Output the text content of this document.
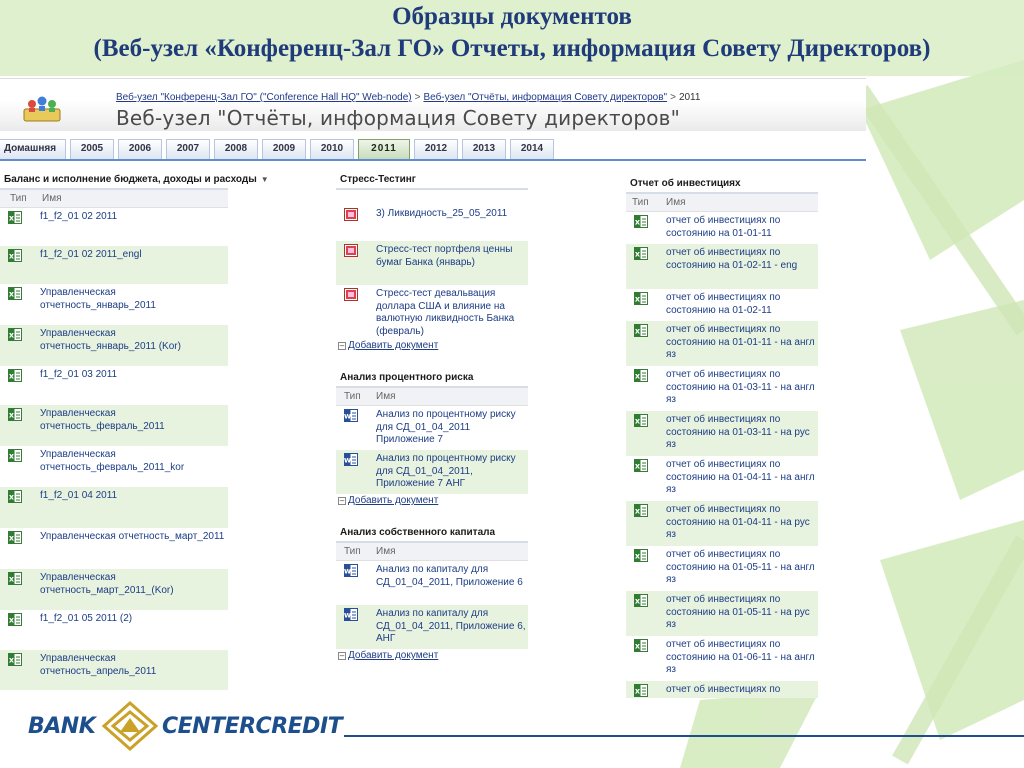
Образцы документов
(Веб-узел «Конференц-Зал ГО» Отчеты, информация Совету Директоров)
Веб-узел "Конференц-Зал ГО" ("Conference Hall HQ" Web-node) > Веб-узел "Отчёты, информация Совету директоров" > 2011
Веб-узел "Отчёты, информация Совету директоров"
Домашняя	2005	2006	2007	2008	2009	2010	2011	2012	2013	2014
Баланс и исполнение бюджета, доходы и расходы ▼
Тип Имя
x	f1_f2_01 02 2011
x	f1_f2_01 02 2011_engl
x	Управленческая отчетность_январь_2011
x	Управленческая отчетность_январь_2011 (Kor)
x	f1_f2_01 03 2011
x	Управленческая отчетность_февраль_2011
x	Управленческая отчетность_февраль_2011_kor
x	f1_f2_01 04 2011
x	Управленческая отчетность_март_2011
x	Управленческая отчетность_март_2011_(Kor)
x	f1_f2_01 05 2011 (2)
x	Управленческая отчетность_апрель_2011
Стресс-Тестинг
3) Ликвидность_25_05_2011
Стресс-тест портфеля ценны бумаг Банка (январь)
Стресс-тест девальвация доллара США и влияние на валютную ликвидность Банка (февраль)
– Добавить документ
Анализ процентного риска
Тип Имя
w Анализ по процентному риску для СД_01_04_2011 Приложение 7
w Анализ по процентному риску для СД_01_04_2011, Приложение 7 АНГ
– Добавить документ
Анализ собственного капитала
Тип Имя
w Анализ по капиталу для СД_01_04_2011, Приложение 6
w Анализ по капиталу для СД_01_04_2011, Приложение 6, АНГ
– Добавить документ
Отчет об инвестициях
Тип Имя
x	отчет об инвестициях по состоянию на 01-01-11
x	отчет об инвестициях по состоянию на 01-02-11 - eng
x	отчет об инвестициях по состоянию на 01-02-11
x	отчет об инвестициях по состоянию на 01-01-11 - на англ яз
x	отчет об инвестициях по состоянию на 01-03-11 - на англ яз
x	отчет об инвестициях по состоянию на 01-03-11 - на рус яз
x	отчет об инвестициях по состоянию на 01-04-11 - на англ яз
x	отчет об инвестициях по состоянию на 01-04-11 - на рус яз
x	отчет об инвестициях по состоянию на 01-05-11 - на англ яз
x	отчет об инвестициях по состоянию на 01-05-11 - на рус яз
x	отчет об инвестициях по состоянию на 01-06-11 - на англ яз
x	отчет об инвестициях по
BANK	CENTERCREDIT
